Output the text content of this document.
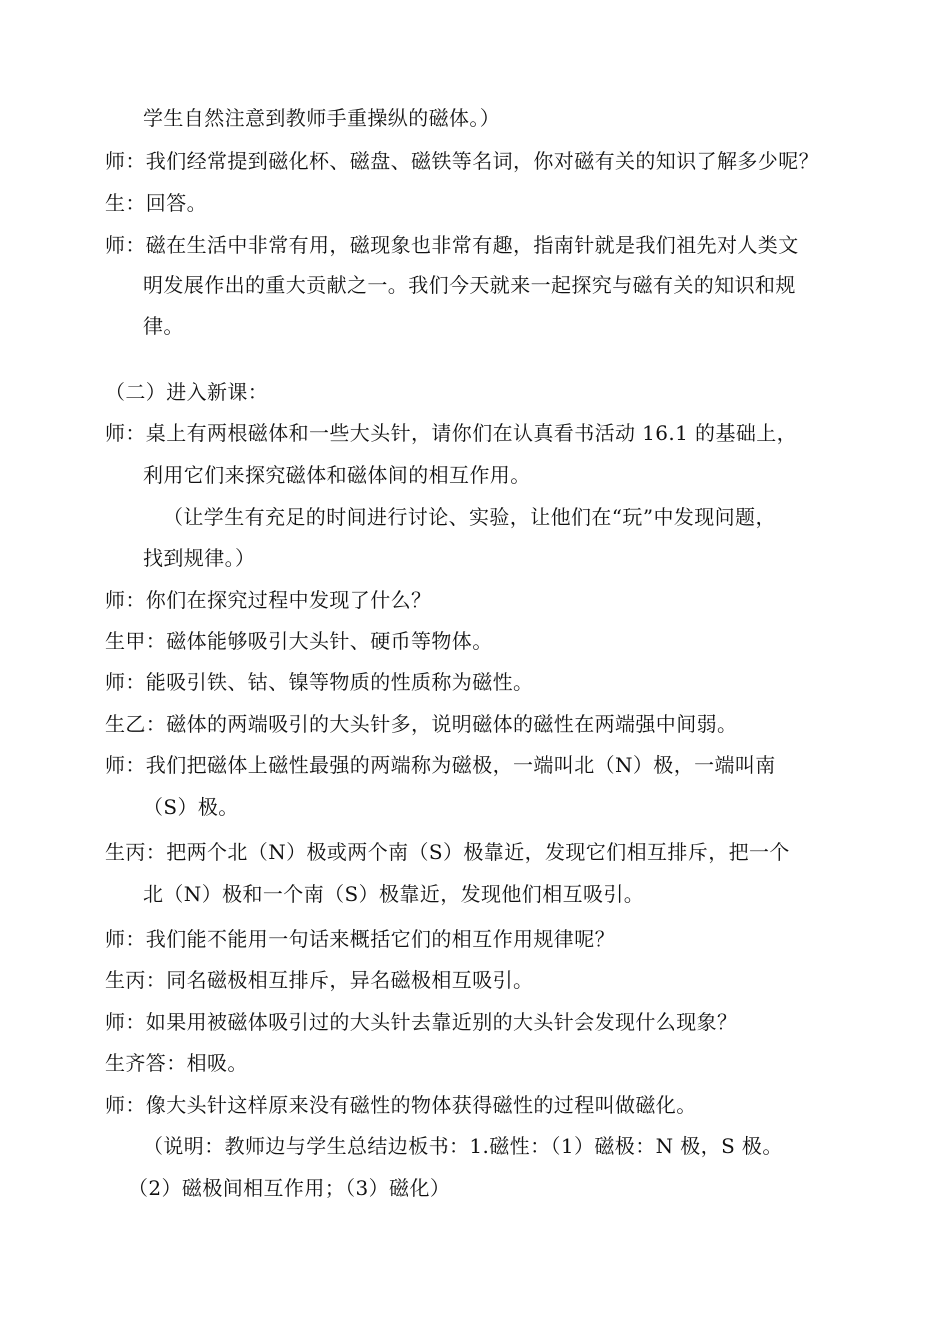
学生自然注意到教师手重操纵的磁体。）
师：我们经常提到磁化杯、磁盘、磁铁等名词，你对磁有关的知识了解多少呢？
生：回答。
师：磁在生活中非常有用，磁现象也非常有趣，指南针就是我们祖先对人类文
明发展作出的重大贡献之一。我们今天就来一起探究与磁有关的知识和规
律。
（二）进入新课：
师：桌上有两根磁体和一些大头针，请你们在认真看书活动 16.1 的基础上，
利用它们来探究磁体和磁体间的相互作用。
（让学生有充足的时间进行讨论、实验，让他们在“玩”中发现问题，
找到规律。）
师：你们在探究过程中发现了什么？
生甲：磁体能够吸引大头针、硬币等物体。
师：能吸引铁、钴、镍等物质的性质称为磁性。
生乙：磁体的两端吸引的大头针多，说明磁体的磁性在两端强中间弱。
师：我们把磁体上磁性最强的两端称为磁极，一端叫北（N）极，一端叫南
（S）极。
生丙：把两个北（N）极或两个南（S）极靠近，发现它们相互排斥，把一个
北（N）极和一个南（S）极靠近，发现他们相互吸引。
师：我们能不能用一句话来概括它们的相互作用规律呢？
生丙：同名磁极相互排斥，异名磁极相互吸引。
师：如果用被磁体吸引过的大头针去靠近别的大头针会发现什么现象？
生齐答：相吸。
师：像大头针这样原来没有磁性的物体获得磁性的过程叫做磁化。
（说明：教师边与学生总结边板书：1.磁性：（1）磁极：N 极，S 极。
（2）磁极间相互作用；（3）磁化）
